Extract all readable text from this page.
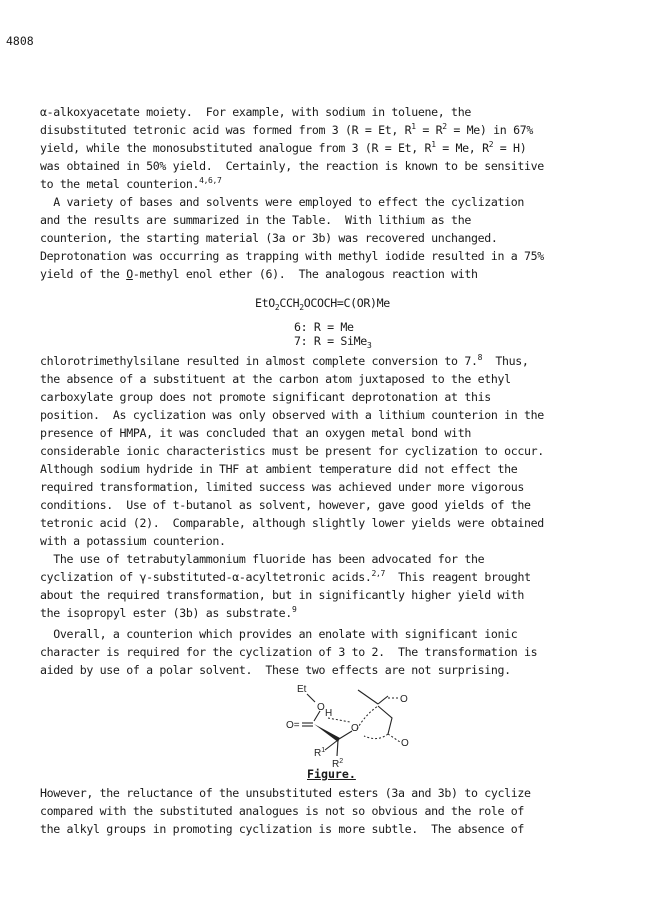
4808
α-alkoxyacetate moiety.  For example, with sodium in toluene, the
disubstituted tetronic acid was formed from 3 (R = Et, $R^1 = R^2 = Me$) in 67%
yield, while the monosubstituted analogue from 3 (R = Et, $R^1 = Me$, $R^2 = H$)
was obtained in 50% yield.  Certainly, the reaction is known to be sensitive
to the metal counterion.$^{4,6,7}$
A variety of bases and solvents were employed to effect the cyclization
and the results are summarized in the Table.  With lithium as the
counterion, the starting material (3a or 3b) was recovered unchanged.
Deprotonation was occurring as trapping with methyl iodide resulted in a 75%
yield of the O-methyl enol ether (6).  The analogous reaction with
$EtO_2CCH_2OCOCH=C(OR)Me$
6: R = Me
7: R = SiMe$_3$
chlorotrimethylsilane resulted in almost complete conversion to 7.$^8$  Thus,
the absence of a substituent at the carbon atom juxtaposed to the ethyl
carboxylate group does not promote significant deprotonation at this
position.  As cyclization was only observed with a lithium counterion in the
presence of HMPA, it was concluded that an oxygen metal bond with
considerable ionic characteristics must be present for cyclization to occur.
Although sodium hydride in THF at ambient temperature did not effect the
required transformation, limited success was achieved under more vigorous
conditions.  Use of t-butanol as solvent, however, gave good yields of the
tetronic acid (2).  Comparable, although slightly lower yields were obtained
with a potassium counterion.
The use of tetrabutylammonium fluoride has been advocated for the
cyclization of γ-substituted-α-acyltetronic acids.$^{2,7}$  This reagent brought
about the required transformation, but in significantly higher yield with
the isopropyl ester (3b) as substrate.$^9$
Overall, a counterion which provides an enolate with significant ionic
character is required for the cyclization of 3 to 2.  The transformation is
aided by use of a polar solvent.  These two effects are not surprising.
Et
O
H
O
O=	O
O
$R^1$
$R^2$
Figure.
However, the reluctance of the unsubstituted esters (3a and 3b) to cyclize
compared with the substituted analogues is not so obvious and the role of
the alkyl groups in promoting cyclization is more subtle.  The absence of
